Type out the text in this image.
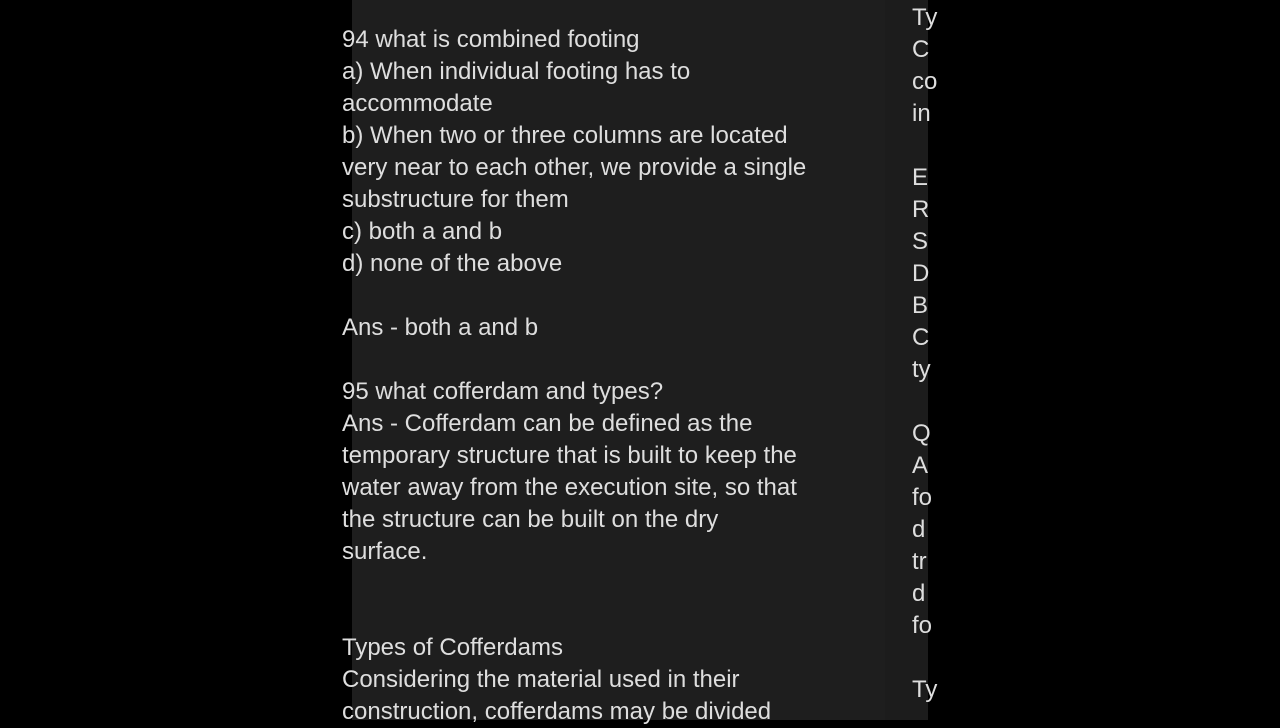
94 what is combined footing
a) When individual footing has to
accommodate
b) When two or three columns are located
very near to each other, we provide a single
substructure for them
c) both a and b
d) none of the above
Ans - both a and b
95 what cofferdam and types?
Ans - Cofferdam can be defined as the
temporary structure that is built to keep the
water away from the execution site, so that
the structure can be built on the dry
surface.
Types of Cofferdams
Considering the material used in their
construction, cofferdams may be divided
Ty
C
co
in
E
R
S
D
B
C
ty
Q
A
fo
d
tr
d
fo
Ty
